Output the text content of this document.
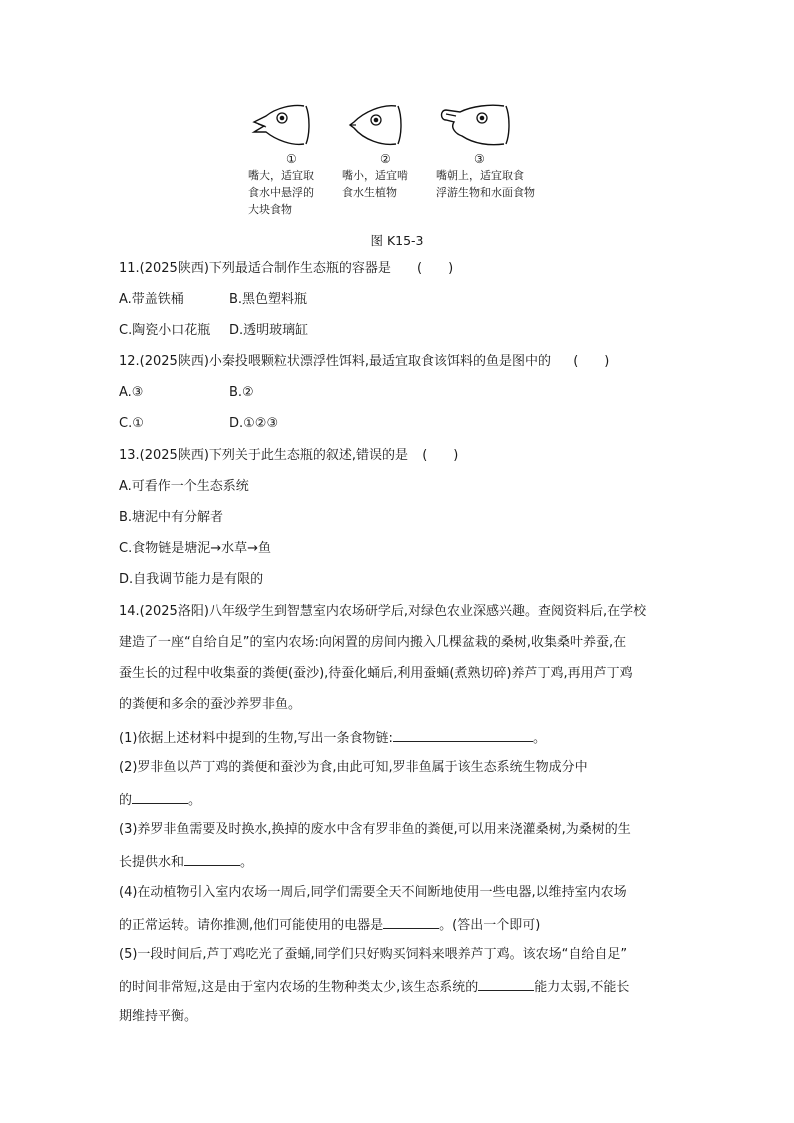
①
嘴大，适宜取
食水中悬浮的
大块食物
②
嘴小，适宜啃
食水生植物
③
嘴朝上，适宜取食
浮游生物和水面食物
图 K15-3
11.(2025陕西)下列最适合制作生态瓶的容器是 (　　)
A.带盖铁桶	B.黑色塑料瓶
C.陶瓷小口花瓶 D.透明玻璃缸
12.(2025陕西)小秦投喂颗粒状漂浮性饵料,最适宜取食该饵料的鱼是图中的 (　　)
A.③	B.②
C.①	D.①②③
13.(2025陕西)下列关于此生态瓶的叙述,错误的是 (　　)
A.可看作一个生态系统
B.塘泥中有分解者
C.食物链是塘泥→水草→鱼
D.自我调节能力是有限的
14.(2025洛阳)八年级学生到智慧室内农场研学后,对绿色农业深感兴趣。查阅资料后,在学校
建造了一座“自给自足”的室内农场:向闲置的房间内搬入几棵盆栽的桑树,收集桑叶养蚕,在
蚕生长的过程中收集蚕的粪便(蚕沙),待蚕化蛹后,利用蚕蛹(煮熟切碎)养芦丁鸡,再用芦丁鸡
的粪便和多余的蚕沙养罗非鱼。
(1)依据上述材料中提到的生物,写出一条食物链:	。
(2)罗非鱼以芦丁鸡的粪便和蚕沙为食,由此可知,罗非鱼属于该生态系统生物成分中
的	。
(3)养罗非鱼需要及时换水,换掉的废水中含有罗非鱼的粪便,可以用来浇灌桑树,为桑树的生
长提供水和	。
(4)在动植物引入室内农场一周后,同学们需要全天不间断地使用一些电器,以维持室内农场
的正常运转。请你推测,他们可能使用的电器是	。(答出一个即可)
(5)一段时间后,芦丁鸡吃光了蚕蛹,同学们只好购买饲料来喂养芦丁鸡。该农场“自给自足”
的时间非常短,这是由于室内农场的生物种类太少,该生态系统的	能力太弱,不能长
期维持平衡。
